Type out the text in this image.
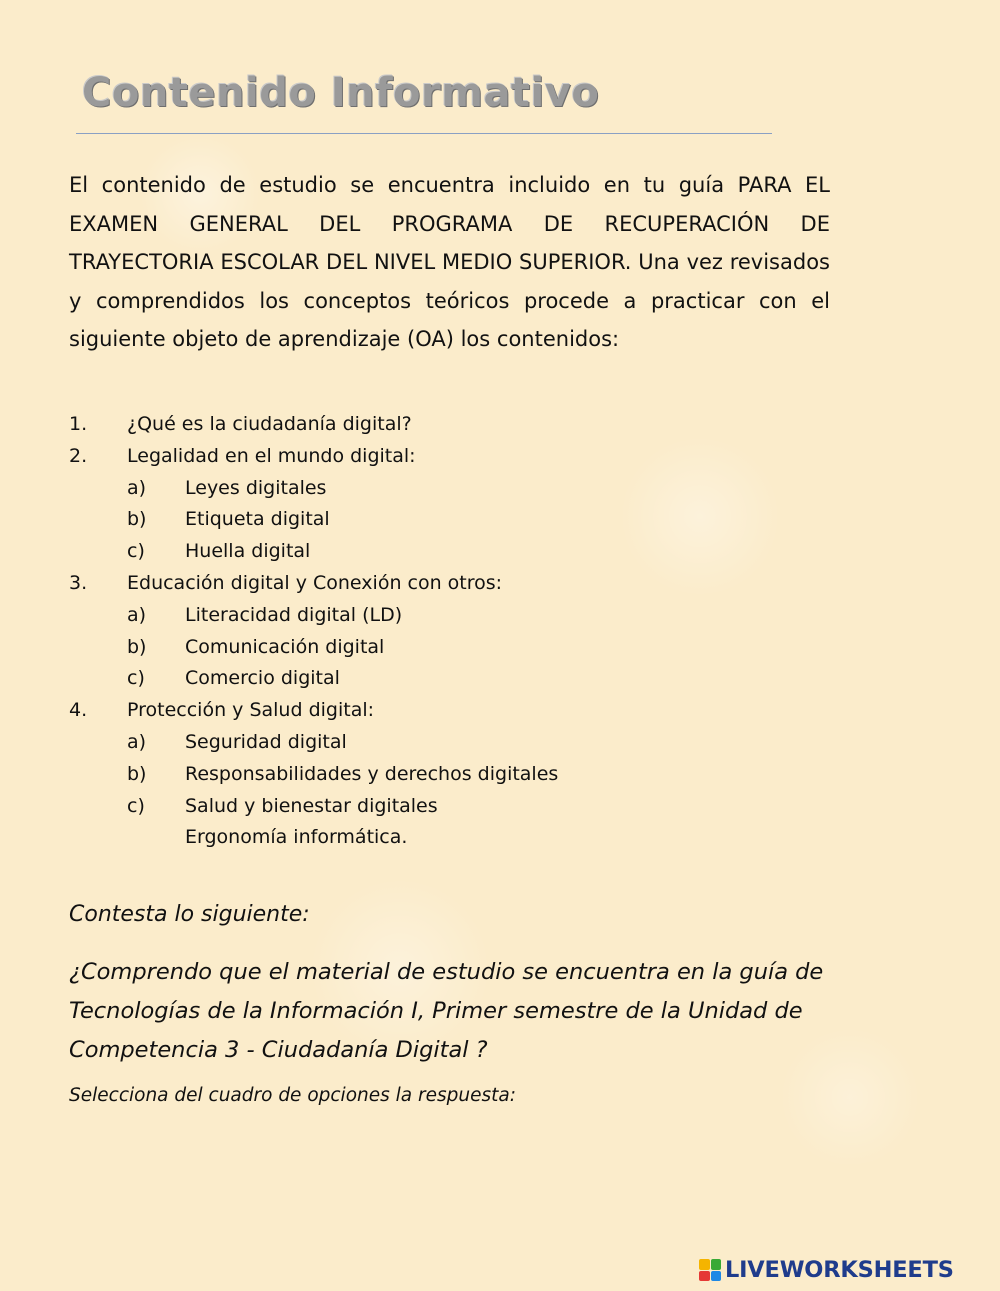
Contenido Informativo

El contenido de estudio se encuentra incluido en tu guía PARA EL EXAMEN GENERAL DEL PROGRAMA DE RECUPERACIÓN DE TRAYECTORIA ESCOLAR DEL NIVEL MEDIO SUPERIOR. Una vez revisados y comprendidos los conceptos teóricos procede a practicar con el siguiente objeto de aprendizaje (OA) los contenidos:

1. ¿Qué es la ciudadanía digital?
2. Legalidad en el mundo digital:
a) Leyes digitales
b) Etiqueta digital
c) Huella digital
3. Educación digital y Conexión con otros:
a) Literacidad digital (LD)
b) Comunicación digital
c) Comercio digital
4. Protección y Salud digital:
a) Seguridad digital
b) Responsabilidades y derechos digitales
c) Salud y bienestar digitales
Ergonomía informática.

Contesta lo siguiente:

¿Comprendo que el material de estudio se encuentra en la guía de Tecnologías de la Información I, Primer semestre de la Unidad de Competencia 3 - Ciudadanía Digital ?

Selecciona del cuadro de opciones la respuesta:

LIVEWORKSHEETS
